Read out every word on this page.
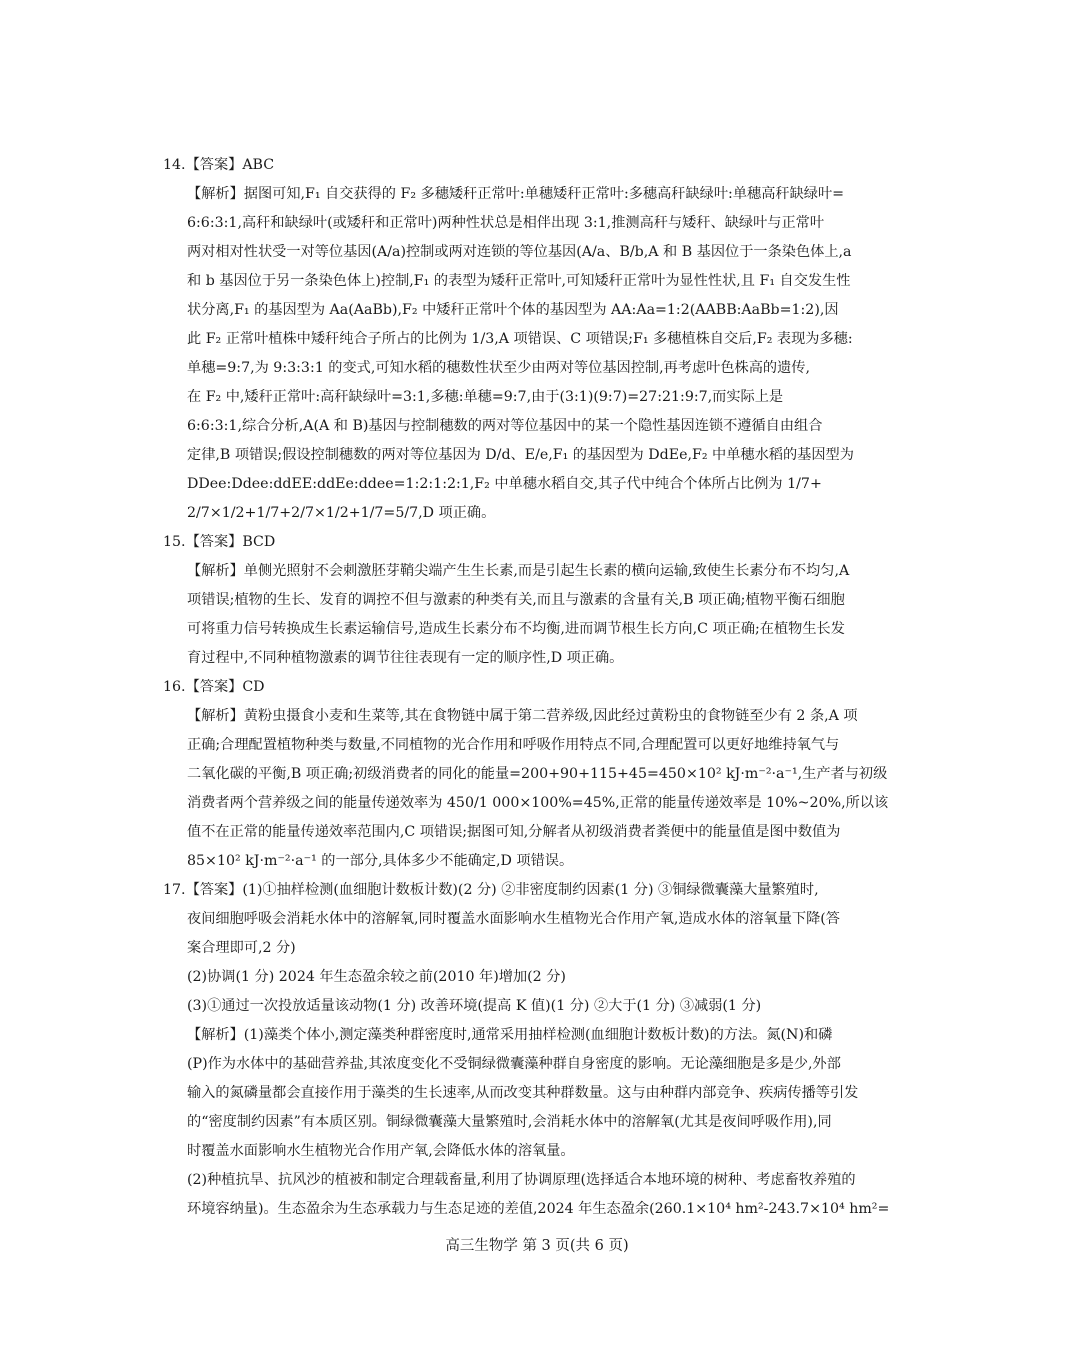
14.【答案】ABC
【解析】据图可知,F₁ 自交获得的 F₂ 多穗矮秆正常叶:单穗矮秆正常叶:多穗高秆缺绿叶:单穗高秆缺绿叶=
6:6:3:1,高秆和缺绿叶(或矮秆和正常叶)两种性状总是相伴出现 3:1,推测高秆与矮秆、缺绿叶与正常叶
两对相对性状受一对等位基因(A/a)控制或两对连锁的等位基因(A/a、B/b,A 和 B 基因位于一条染色体上,a
和 b 基因位于另一条染色体上)控制,F₁ 的表型为矮秆正常叶,可知矮秆正常叶为显性性状,且 F₁ 自交发生性
状分离,F₁ 的基因型为 Aa(AaBb),F₂ 中矮秆正常叶个体的基因型为 AA:Aa=1:2(AABB:AaBb=1:2),因
此 F₂ 正常叶植株中矮秆纯合子所占的比例为 1/3,A 项错误、C 项错误;F₁ 多穗植株自交后,F₂ 表现为多穗:
单穗=9:7,为 9:3:3:1 的变式,可知水稻的穗数性状至少由两对等位基因控制,再考虑叶色株高的遗传,
在 F₂ 中,矮秆正常叶:高秆缺绿叶=3:1,多穗:单穗=9:7,由于(3:1)(9:7)=27:21:9:7,而实际上是
6:6:3:1,综合分析,A(A 和 B)基因与控制穗数的两对等位基因中的某一个隐性基因连锁不遵循自由组合
定律,B 项错误;假设控制穗数的两对等位基因为 D/d、E/e,F₁ 的基因型为 DdEe,F₂ 中单穗水稻的基因型为
DDee:Ddee:ddEE:ddEe:ddee=1:2:1:2:1,F₂ 中单穗水稻自交,其子代中纯合个体所占比例为 1/7+
2/7×1/2+1/7+2/7×1/2+1/7=5/7,D 项正确。
15.【答案】BCD
【解析】单侧光照射不会刺激胚芽鞘尖端产生生长素,而是引起生长素的横向运输,致使生长素分布不均匀,A
项错误;植物的生长、发育的调控不但与激素的种类有关,而且与激素的含量有关,B 项正确;植物平衡石细胞
可将重力信号转换成生长素运输信号,造成生长素分布不均衡,进而调节根生长方向,C 项正确;在植物生长发
育过程中,不同种植物激素的调节往往表现有一定的顺序性,D 项正确。
16.【答案】CD
【解析】黄粉虫摄食小麦和生菜等,其在食物链中属于第二营养级,因此经过黄粉虫的食物链至少有 2 条,A 项
正确;合理配置植物种类与数量,不同植物的光合作用和呼吸作用特点不同,合理配置可以更好地维持氧气与
二氧化碳的平衡,B 项正确;初级消费者的同化的能量=200+90+115+45=450×10² kJ·m⁻²·a⁻¹,生产者与初级
消费者两个营养级之间的能量传递效率为 450/1 000×100%=45%,正常的能量传递效率是 10%~20%,所以该
值不在正常的能量传递效率范围内,C 项错误;据图可知,分解者从初级消费者粪便中的能量值是图中数值为
85×10² kJ·m⁻²·a⁻¹ 的一部分,具体多少不能确定,D 项错误。
17.【答案】(1)①抽样检测(血细胞计数板计数)(2 分) ②非密度制约因素(1 分) ③铜绿微囊藻大量繁殖时,
夜间细胞呼吸会消耗水体中的溶解氧,同时覆盖水面影响水生植物光合作用产氧,造成水体的溶氧量下降(答
案合理即可,2 分)
(2)协调(1 分) 2024 年生态盈余较之前(2010 年)增加(2 分)
(3)①通过一次投放适量该动物(1 分) 改善环境(提高 K 值)(1 分) ②大于(1 分) ③减弱(1 分)
【解析】(1)藻类个体小,测定藻类种群密度时,通常采用抽样检测(血细胞计数板计数)的方法。氮(N)和磷
(P)作为水体中的基础营养盐,其浓度变化不受铜绿微囊藻种群自身密度的影响。无论藻细胞是多是少,外部
输入的氮磷量都会直接作用于藻类的生长速率,从而改变其种群数量。这与由种群内部竞争、疾病传播等引发
的“密度制约因素”有本质区别。铜绿微囊藻大量繁殖时,会消耗水体中的溶解氧(尤其是夜间呼吸作用),同
时覆盖水面影响水生植物光合作用产氧,会降低水体的溶氧量。
(2)种植抗旱、抗风沙的植被和制定合理载畜量,利用了协调原理(选择适合本地环境的树种、考虑畜牧养殖的
环境容纳量)。生态盈余为生态承载力与生态足迹的差值,2024 年生态盈余(260.1×10⁴ hm²-243.7×10⁴ hm²=
高三生物学 第 3 页(共 6 页)
